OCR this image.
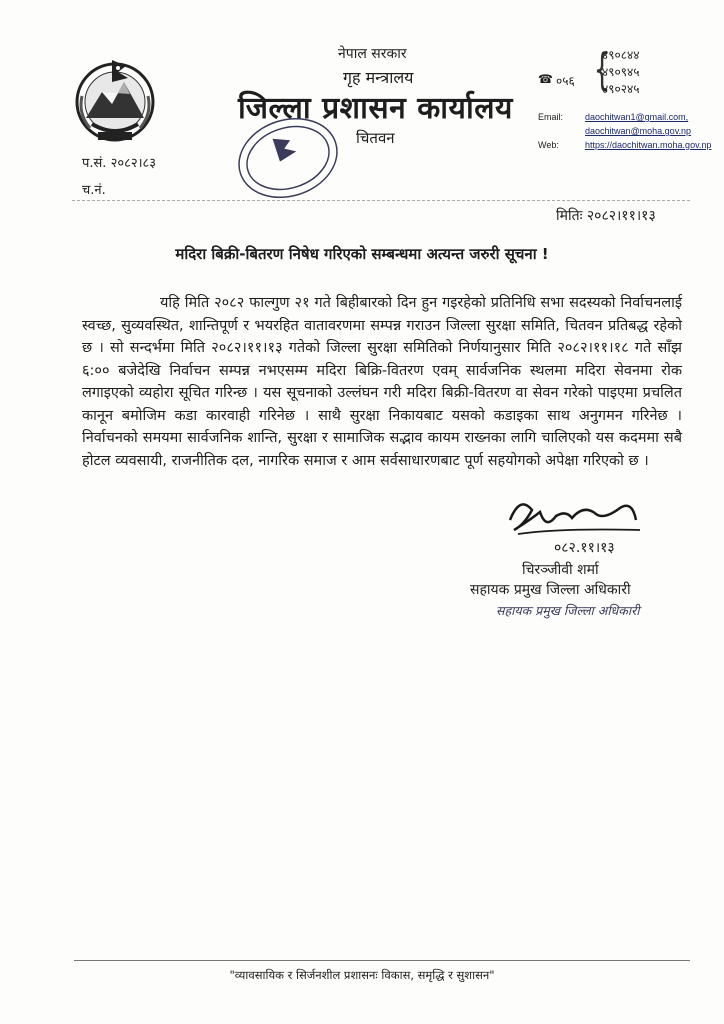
नेपाल सरकार
गृह मन्त्रालय
जिल्ला प्रशासन कार्यालय
चितवन
☎ ०५६ {
४९०८४४
४९०९४५
४९०२४५
Email: daochitwan1@gmail.com,
daochitwan@moha.gov.np
Web:	https://daochitwan.moha.gov.np
प.सं. २०८२।८३
च.नं.
मितिः २०८२।११।१३
मदिरा बिक्री-बितरण निषेध गरिएको सम्बन्धमा अत्यन्त जरुरी सूचना !
यहि मिति २०८२ फाल्गुण २१ गते बिहीबारको दिन हुन गइरहेको प्रतिनिधि सभा सदस्यको निर्वाचनलाई स्वच्छ, सुव्यवस्थित, शान्तिपूर्ण र भयरहित वातावरणमा सम्पन्न गराउन जिल्ला सुरक्षा समिति, चितवन प्रतिबद्ध रहेको छ । सो सन्दर्भमा मिति २०८२।११।१३ गतेको जिल्ला सुरक्षा समितिको निर्णयानुसार मिति २०८२।११।१८ गते साँझ ६:०० बजेदेखि निर्वाचन सम्पन्न नभएसम्म मदिरा बिक्रि-वितरण एवम् सार्वजनिक स्थलमा मदिरा सेवनमा रोक लगाइएको व्यहोरा सूचित गरिन्छ । यस सूचनाको उल्लंघन गरी मदिरा बिक्री-वितरण वा सेवन गरेको पाइएमा प्रचलित कानून बमोजिम कडा कारवाही गरिनेछ । साथै सुरक्षा निकायबाट यसको कडाइका साथ अनुगमन गरिनेछ । निर्वाचनको समयमा सार्वजनिक शान्ति, सुरक्षा र सामाजिक सद्भाव कायम राख्नका लागि चालिएको यस कदममा सबै होटल व्यवसायी, राजनीतिक दल, नागरिक समाज र आम सर्वसाधारणबाट पूर्ण सहयोगको अपेक्षा गरिएको छ ।
०८२.११।१३
चिरञ्जीवी शर्मा
सहायक प्रमुख जिल्ला अधिकारी
सहायक प्रमुख जिल्ला अधिकारी
"व्यावसायिक र सिर्जनशील प्रशासनः विकास, समृद्धि र सुशासन"
